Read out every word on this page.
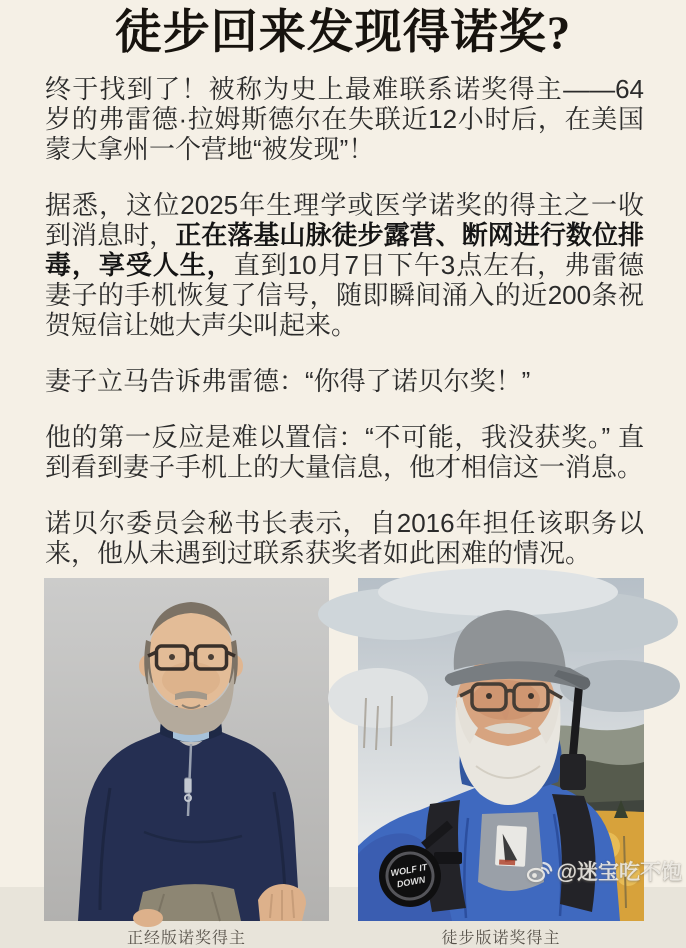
徒步回来发现得诺奖?

终于找到了！被称为史上最难联系诺奖得主——64岁的弗雷德·拉姆斯德尔在失联近12小时后，在美国蒙大拿州一个营地“被发现”！

据悉，这位2025年生理学或医学诺奖的得主之一收到消息时，正在落基山脉徒步露营、断网进行数位排毒，享受人生，直到10月7日下午3点左右，弗雷德妻子的手机恢复了信号，随即瞬间涌入的近200条祝贺短信让她大声尖叫起来。

妻子立马告诉弗雷德：“你得了诺贝尔奖！”

他的第一反应是难以置信：“不可能，我没获奖。” 直到看到妻子手机上的大量信息，他才相信这一消息。

诺贝尔委员会秘书长表示，自2016年担任该职务以来，他从未遇到过联系获奖者如此困难的情况。

正经版诺奖得主
WOLF IT
DOWN
徒步版诺奖得主
@迷宝吃不饱
